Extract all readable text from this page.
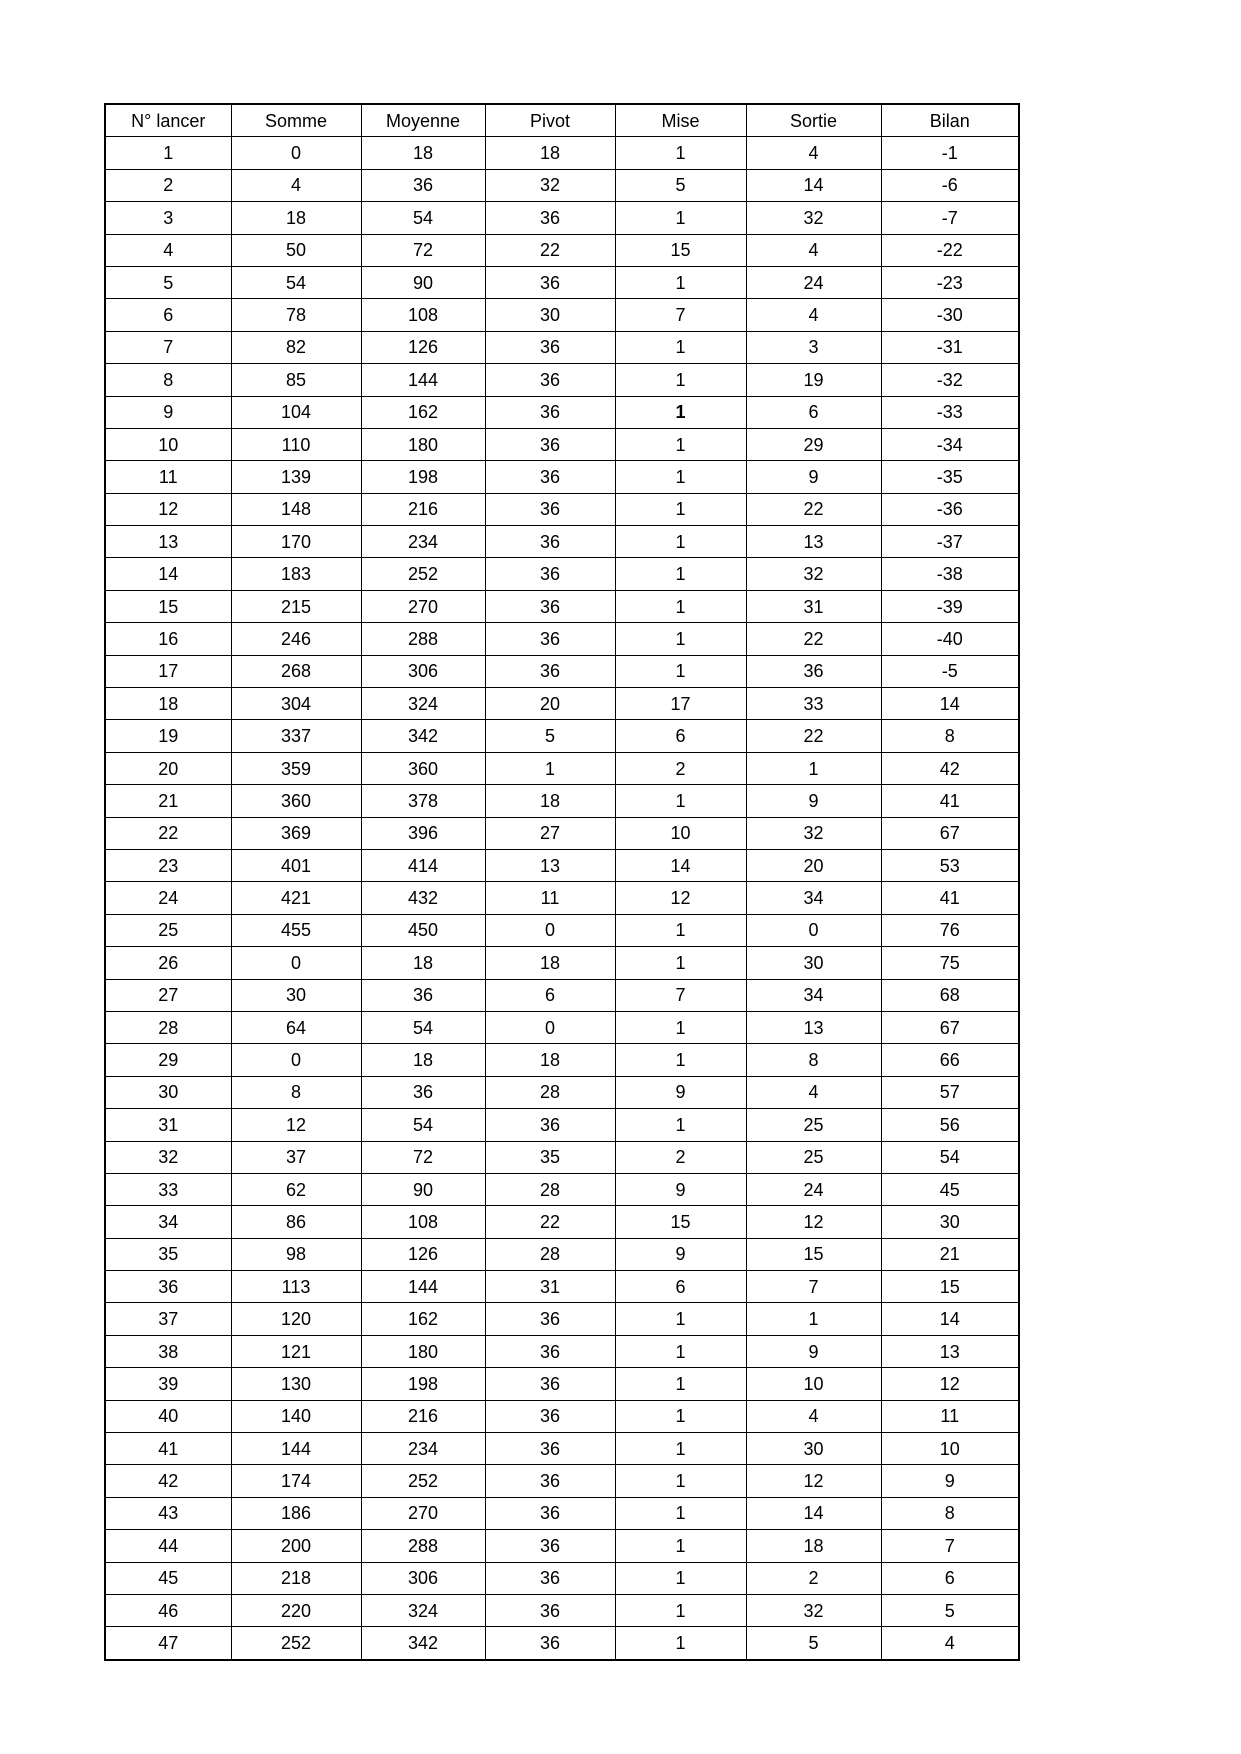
N° lancer	Somme	Moyenne	Pivot	Mise	Sortie	Bilan
1	0	18	18	1	4	-1
2	4	36	32	5	14	-6
3	18	54	36	1	32	-7
4	50	72	22	15	4	-22
5	54	90	36	1	24	-23
6	78	108	30	7	4	-30
7	82	126	36	1	3	-31
8	85	144	36	1	19	-32
9	104	162	36	1	6	-33
10	110	180	36	1	29	-34
11	139	198	36	1	9	-35
12	148	216	36	1	22	-36
13	170	234	36	1	13	-37
14	183	252	36	1	32	-38
15	215	270	36	1	31	-39
16	246	288	36	1	22	-40
17	268	306	36	1	36	-5
18	304	324	20	17	33	14
19	337	342	5	6	22	8
20	359	360	1	2	1	42
21	360	378	18	1	9	41
22	369	396	27	10	32	67
23	401	414	13	14	20	53
24	421	432	11	12	34	41
25	455	450	0	1	0	76
26	0	18	18	1	30	75
27	30	36	6	7	34	68
28	64	54	0	1	13	67
29	0	18	18	1	8	66
30	8	36	28	9	4	57
31	12	54	36	1	25	56
32	37	72	35	2	25	54
33	62	90	28	9	24	45
34	86	108	22	15	12	30
35	98	126	28	9	15	21
36	113	144	31	6	7	15
37	120	162	36	1	1	14
38	121	180	36	1	9	13
39	130	198	36	1	10	12
40	140	216	36	1	4	11
41	144	234	36	1	30	10
42	174	252	36	1	12	9
43	186	270	36	1	14	8
44	200	288	36	1	18	7
45	218	306	36	1	2	6
46	220	324	36	1	32	5
47	252	342	36	1	5	4
